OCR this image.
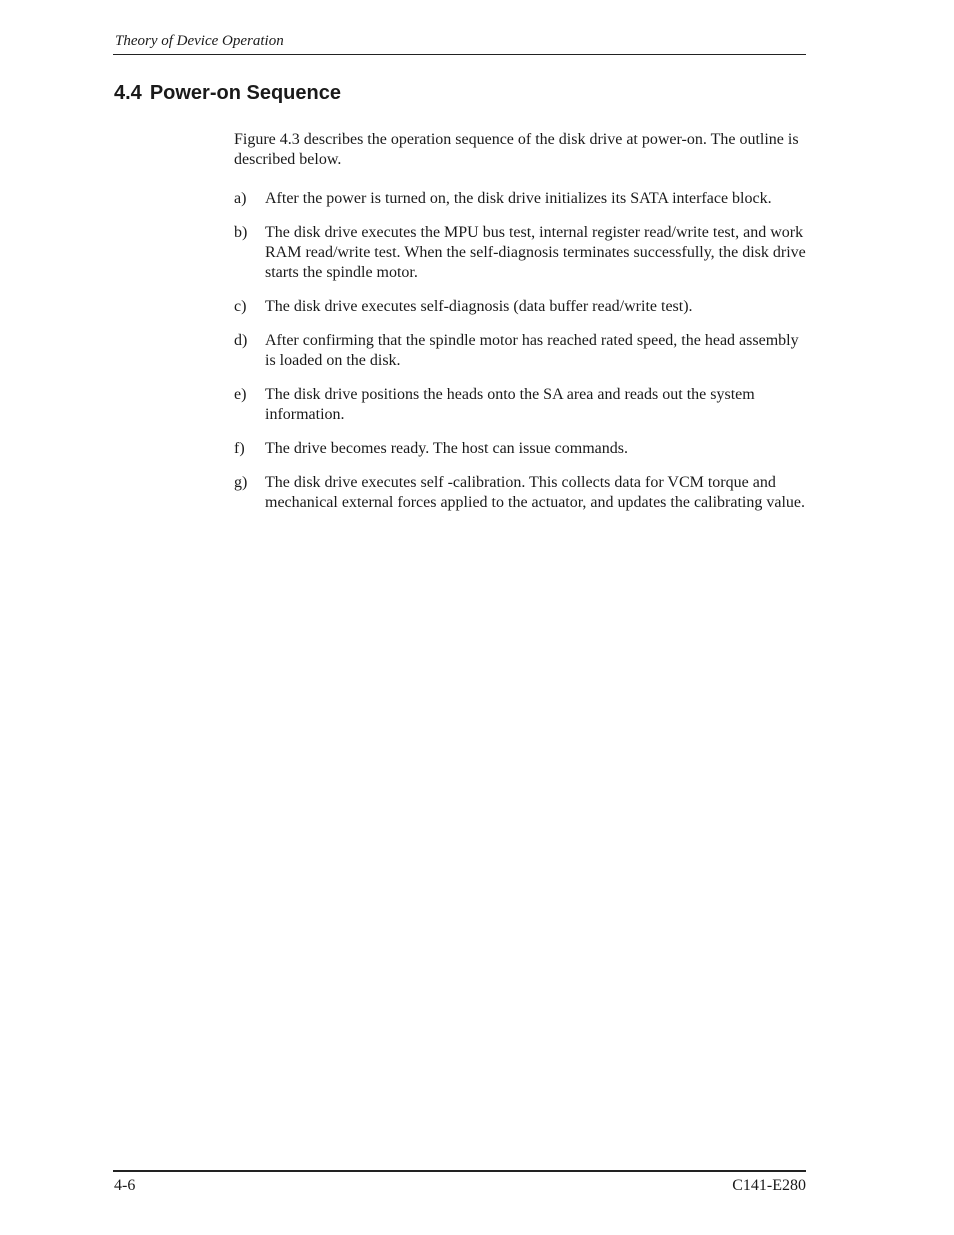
Theory of Device Operation
4.4 Power-on Sequence

Figure 4.3 describes the operation sequence of the disk drive at power-on. The outline is described below.

a) After the power is turned on, the disk drive initializes its SATA interface block.
b) The disk drive executes the MPU bus test, internal register read/write test, and work RAM read/write test. When the self-diagnosis terminates successfully, the disk drive starts the spindle motor.
c) The disk drive executes self-diagnosis (data buffer read/write test).
d) After confirming that the spindle motor has reached rated speed, the head assembly is loaded on the disk.
e) The disk drive positions the heads onto the SA area and reads out the system information.
f) The drive becomes ready. The host can issue commands.
g) The disk drive executes self -calibration. This collects data for VCM torque and mechanical external forces applied to the actuator, and updates the calibrating value.
4-6	C141-E280
